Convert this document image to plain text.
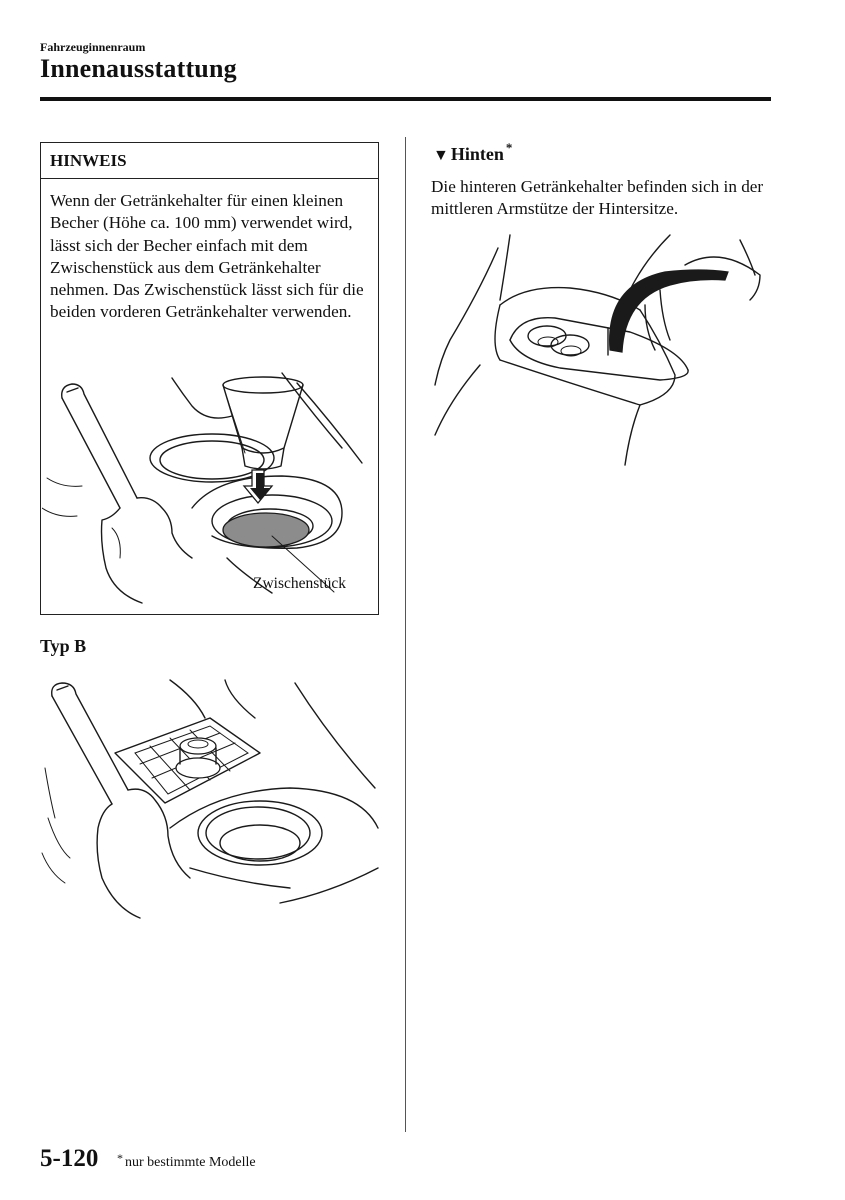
Fahrzeuginnenraum
Innenausstattung
HINWEIS
Wenn der Getränkehalter für einen kleinen Becher (Höhe ca. 100 mm) verwendet wird, lässt sich der Becher einfach mit dem Zwischenstück aus dem Getränkehalter nehmen. Das Zwischenstück lässt sich für die beiden vorderen Getränkehalter verwenden.
Zwischenstück
Typ B
▼ Hinten *
Die hinteren Getränkehalter befinden sich in der mittleren Armstütze der Hintersitze.
5-120 * nur bestimmte Modelle
